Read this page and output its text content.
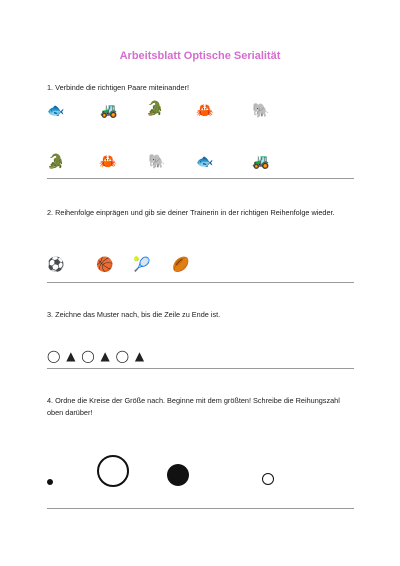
Arbeitsblatt Optische Serialität
1. Verbinde die richtigen Paare miteinander!
🐟	🚜 🐊 🦀	🐘
🐊 🦀 🐘 🐟	🚜
2. Reihenfolge einprägen und gib sie deiner Trainerin in der richtigen Reihenfolge wieder.
⚽ 🏀 🎾 🏉
3. Zeichne das Muster nach, bis die Zeile zu Ende ist.
◯ ▲ ◯ ▲ ◯ ▲
4. Ordne die Kreise der Größe nach. Beginne mit dem größten! Schreibe die Reihungszahl oben darüber!
